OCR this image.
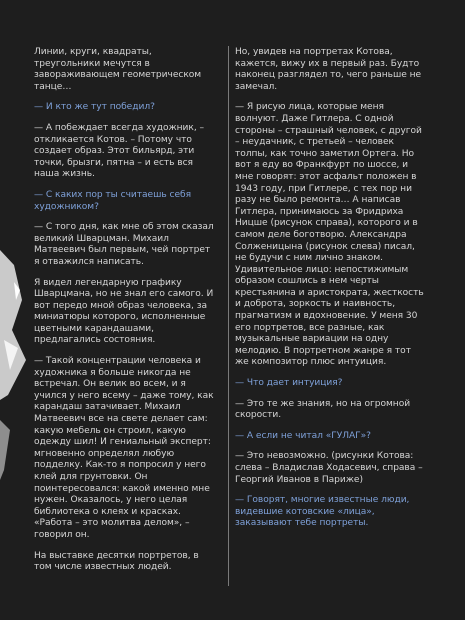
Линии, круги, квадраты, треугольники мечутся в завораживающем геометрическом танце…

— И кто же тут победил?

— А побеждает всегда художник, – откликается Котов. – Потому что создает образ. Этот бильярд, эти точки, брызги, пятна – и есть вся наша жизнь.

— С каких пор ты считаешь себя художником?

— С того дня, как мне об этом сказал великий Шварцман. Михаил Матвеевич был первым, чей портрет я отважился написать.

Я видел легендарную графику Шварцмана, но не знал его самого. И вот передо мной образ человека, за миниатюры которого, исполненные цветными карандашами, предлагались состояния.

— Такой концентрации человека и художника я больше никогда не встречал. Он велик во всем, и я учился у него всему – даже тому, как карандаш затачивает. Михаил Матвеевич все на свете делает сам: какую мебель он строил, какую одежду шил! И гениальный эксперт: мгновенно определял любую подделку. Как-то я попросил у него клей для грунтовки. Он поинтересовался: какой именно мне нужен. Оказалось, у него целая библиотека о клеях и красках. «Работа – это молитва делом», – говорил он.

На выставке десятки портретов, в том числе известных людей.

Но, увидев на портретах Котова, кажется, вижу их в первый раз. Будто наконец разглядел то, чего раньше не замечал.

— Я рисую лица, которые меня волнуют. Даже Гитлера. С одной стороны – страшный человек, с другой – неудачник, с третьей – человек толпы, как точно заметил Ортега. Но вот я еду во Франкфурт по шоссе, и мне говорят: этот асфальт положен в 1943 году, при Гитлере, с тех пор ни разу не было ремонта… А написав Гитлера, принимаюсь за Фридриха Ницше (рисунок справа), которого и в самом деле боготворю. Александра Солженицына (рисунок слева) писал, не будучи с ним лично знаком. Удивительное лицо: непостижимым образом сошлись в нем черты крестьянина и аристократа, жесткость и доброта, зоркость и наивность, прагматизм и вдохновение. У меня 30 его портретов, все разные, как музыкальные вариации на одну мелодию. В портретном жанре я тот же композитор плюс интуиция.

— Что дает интуиция?

— Это те же знания, но на огромной скорости.

— А если не читал «ГУЛАГ»?

— Это невозможно. (рисунки Котова: слева – Владислав Ходасевич, справа – Георгий Иванов в Париже)

— Говорят, многие известные люди, видевшие котовские «лица», заказывают тебе портреты.
